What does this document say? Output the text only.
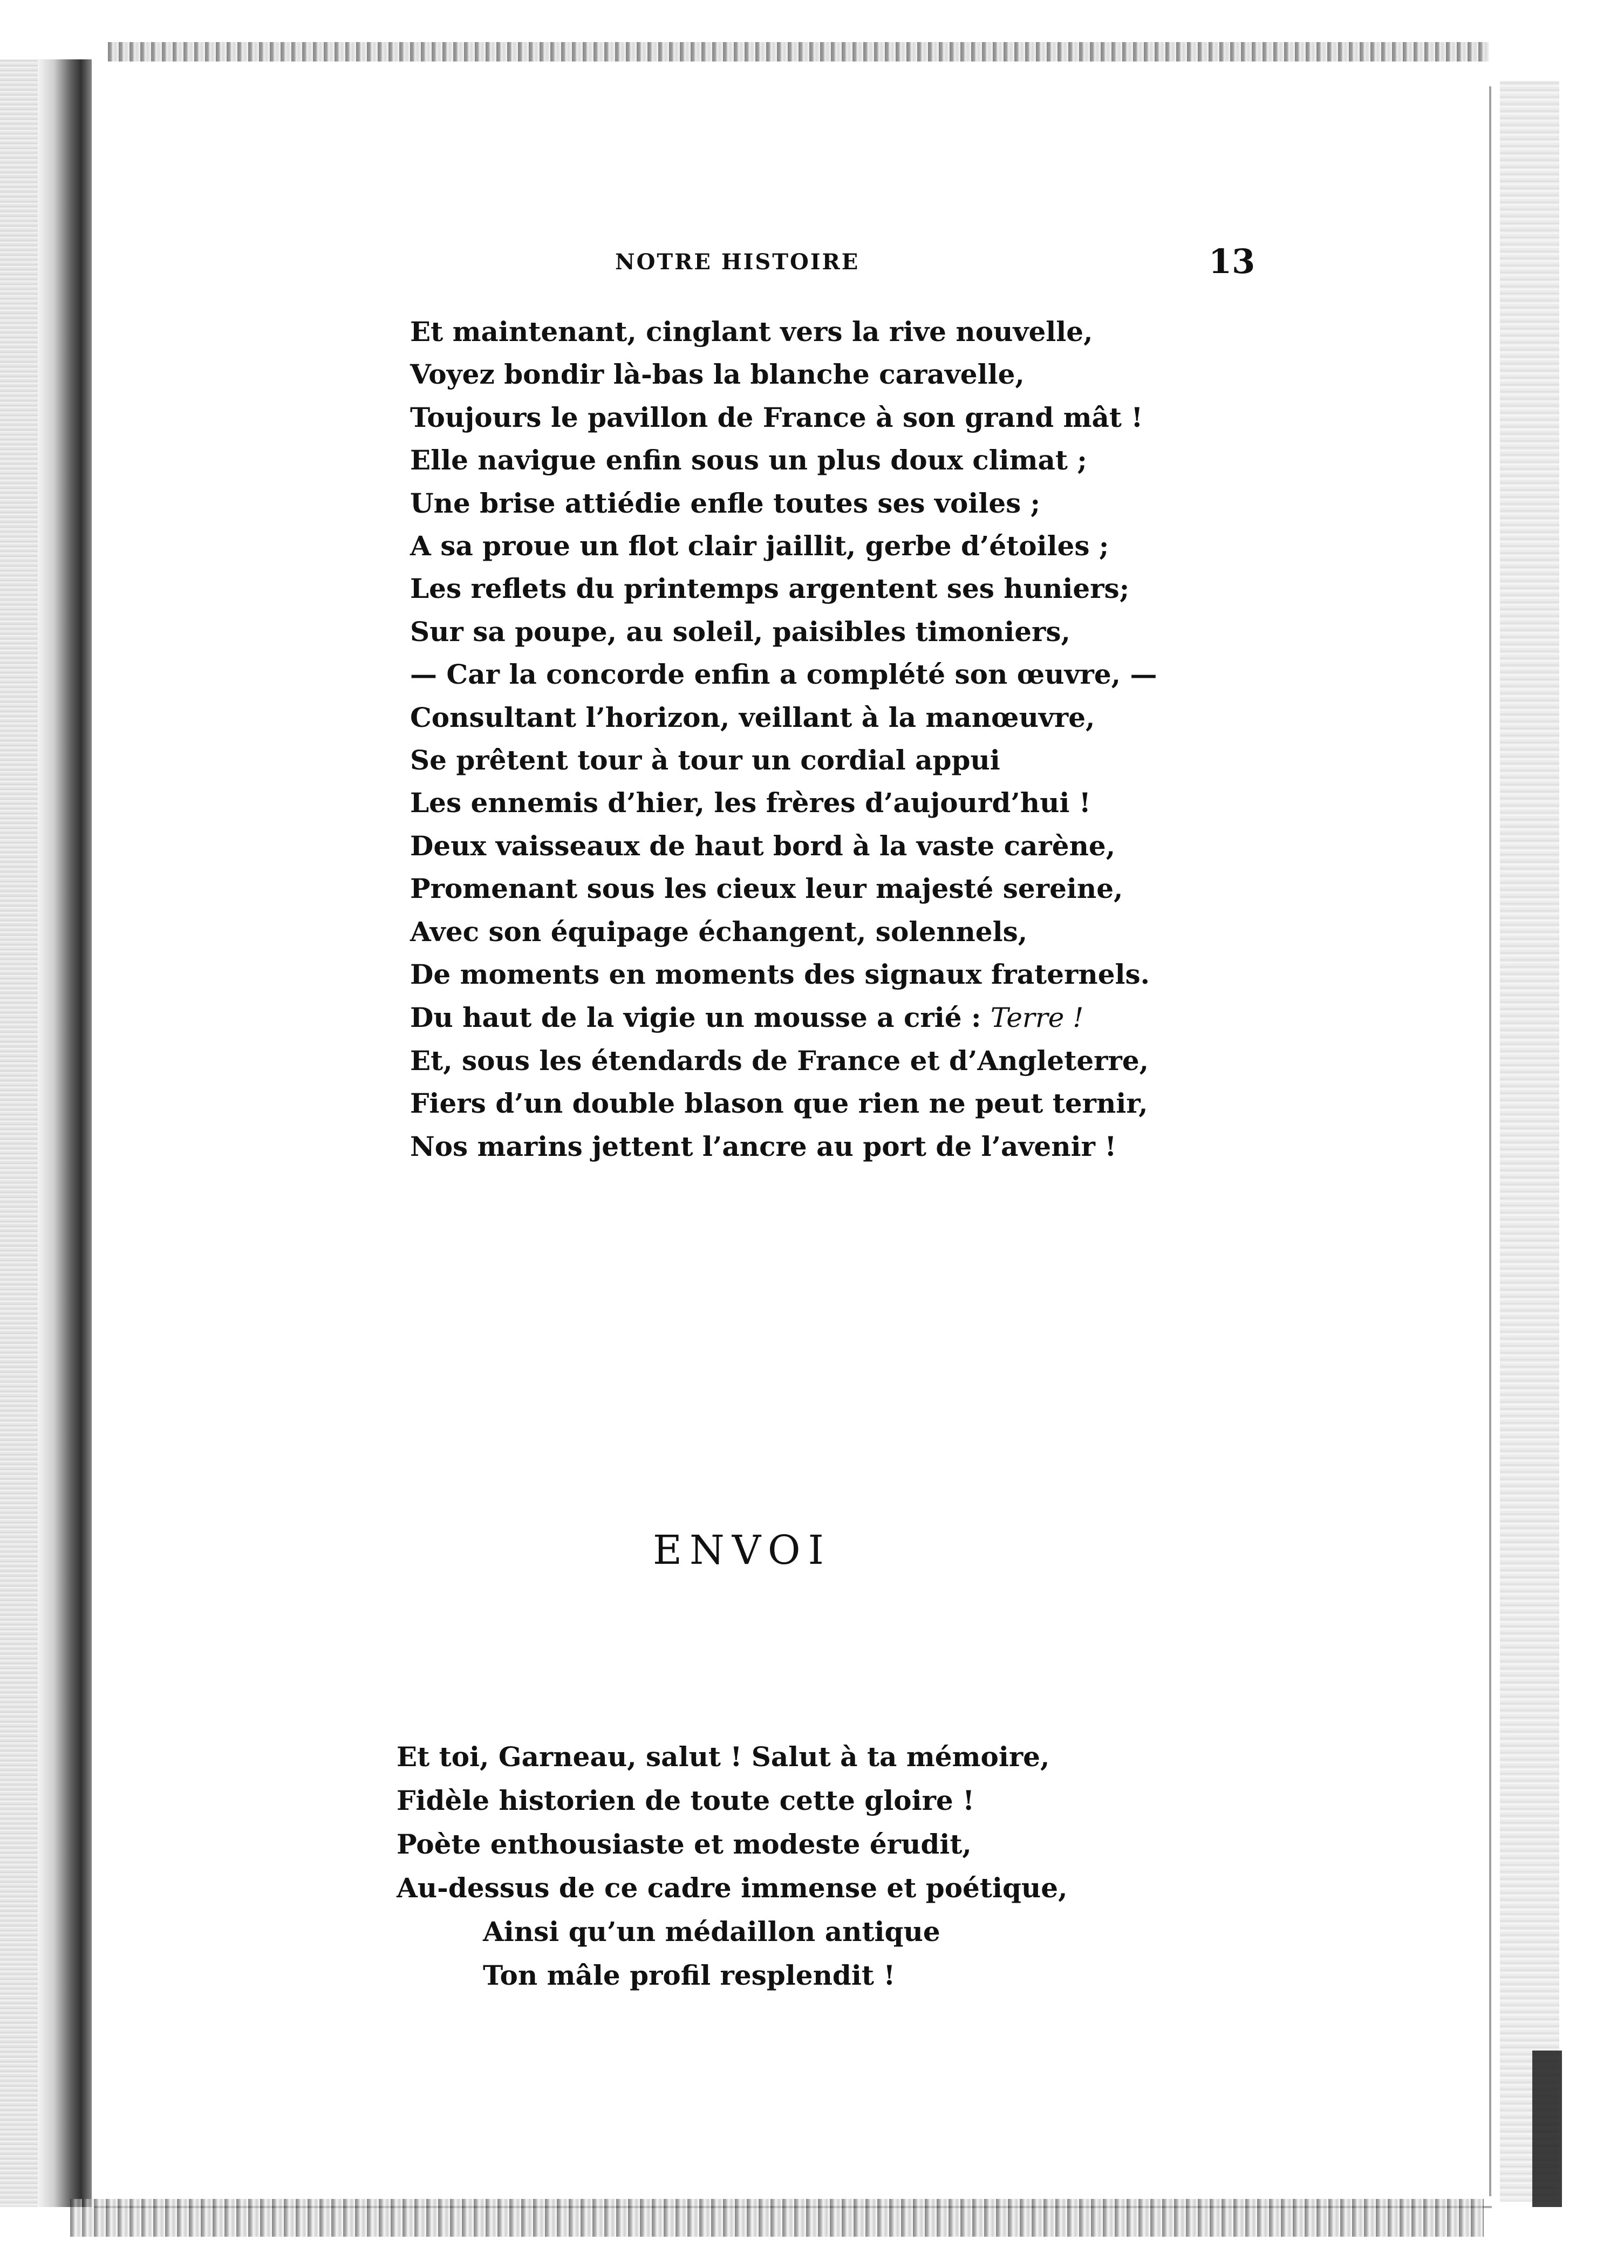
NOTRE HISTOIRE	13
Et maintenant, cinglant vers la rive nouvelle,
Voyez bondir là-bas la blanche caravelle,
Toujours le pavillon de France à son grand mât !
Elle navigue enfin sous un plus doux climat ;
Une brise attiédie enfle toutes ses voiles ;
A sa proue un flot clair jaillit, gerbe d’étoiles ;
Les reflets du printemps argentent ses huniers;
Sur sa poupe, au soleil, paisibles timoniers,
— Car la concorde enfin a complété son œuvre, —
Consultant l’horizon, veillant à la manœuvre,
Se prêtent tour à tour un cordial appui
Les ennemis d’hier, les frères d’aujourd’hui !
Deux vaisseaux de haut bord à la vaste carène,
Promenant sous les cieux leur majesté sereine,
Avec son équipage échangent, solennels,
De moments en moments des signaux fraternels.
Du haut de la vigie un mousse a crié : Terre !
Et, sous les étendards de France et d’Angleterre,
Fiers d’un double blason que rien ne peut ternir,
Nos marins jettent l’ancre au port de l’avenir !
ENVOI
Et toi, Garneau, salut ! Salut à ta mémoire,
Fidèle historien de toute cette gloire !
Poète enthousiaste et modeste érudit,
Au-dessus de ce cadre immense et poétique,
Ainsi qu’un médaillon antique
Ton mâle profil resplendit !
